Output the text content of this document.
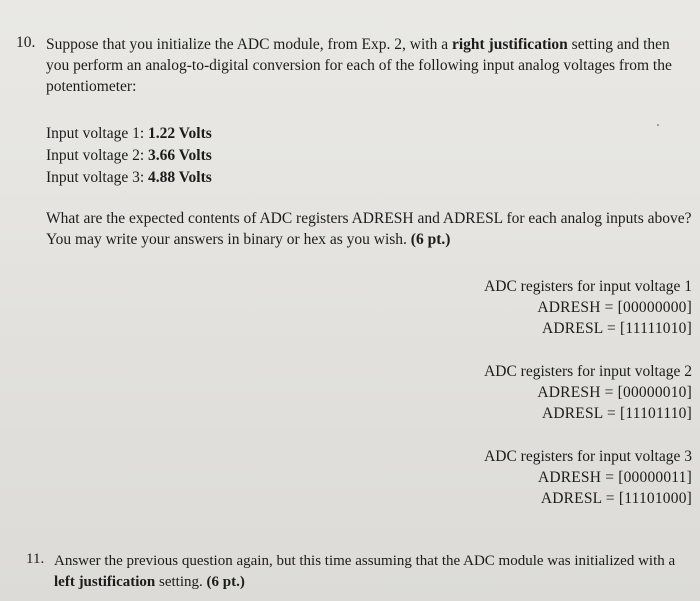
10. Suppose that you initialize the ADC module, from Exp. 2, with a right justification setting and then you perform an analog-to-digital conversion for each of the following input analog voltages from the potentiometer:
Input voltage 1: 1.22 Volts
Input voltage 2: 3.66 Volts
Input voltage 3: 4.88 Volts
What are the expected contents of ADC registers ADRESH and ADRESL for each analog inputs above? You may write your answers in binary or hex as you wish. (6 pt.)
ADC registers for input voltage 1
ADRESH = [00000000]
ADRESL = [11111010]
ADC registers for input voltage 2
ADRESH = [00000010]
ADRESL = [11101110]
ADC registers for input voltage 3
ADRESH = [00000011]
ADRESL = [11101000]
11. Answer the previous question again, but this time assuming that the ADC module was initialized with a left justification setting. (6 pt.)
